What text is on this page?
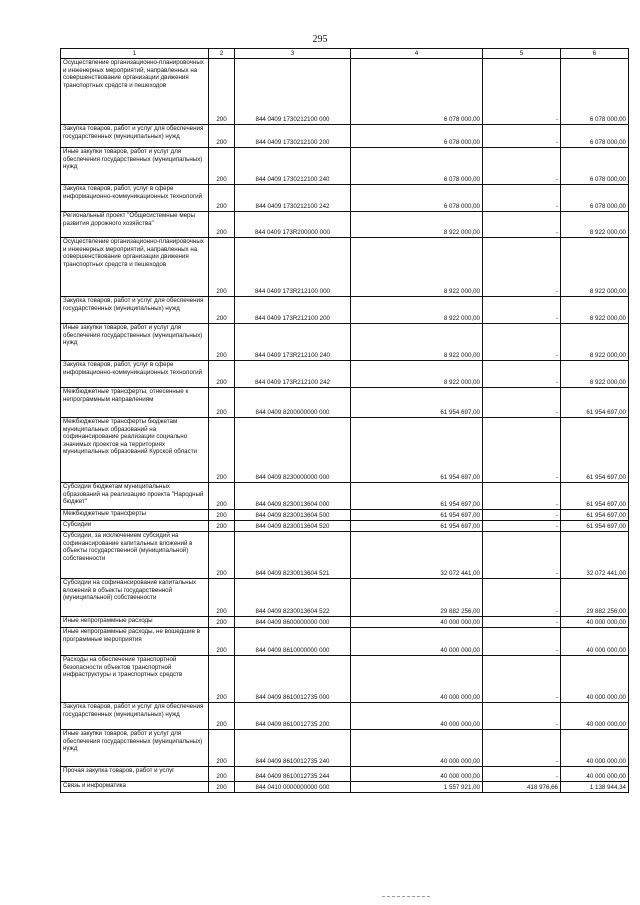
295
1	2	3	4	5	6
Осуществление организационно-планировочных и инженерных мероприятий, направленных на совершенствование организации движения транспортных средств и пешеходов	200	844 0409 1730212100 000	6 078 000,00	-	6 078 000,00
Закупка товаров, работ и услуг для обеспечения государственных (муниципальных) нужд	200	844 0409 1730212100 200	6 078 000,00	-	6 078 000,00
Иные закупки товаров, работ и услуг для обеспечения государственных (муниципальных) нужд	200	844 0409 1730212100 240	6 078 000,00	-	6 078 000,00
Закупка товаров, работ, услуг в сфере информационно-коммуникационных технологий	200	844 0409 1730212100 242	6 078 000,00	-	6 078 000,00
Региональный проект "Общесистемные меры развития дорожного хозяйства"	200	844 0409 173R200000 000	8 922 000,00	-	8 922 000,00
Осуществление организационно-планировочных и инженерных мероприятий, направленных на совершенствование организации движения транспортных средств и пешеходов	200	844 0409 173R212100 000	8 922 000,00	-	8 922 000,00
Закупка товаров, работ и услуг для обеспечения государственных (муниципальных) нужд	200	844 0409 173R212100 200	8 922 000,00	-	8 922 000,00
Иные закупки товаров, работ и услуг для обеспечения государственных (муниципальных) нужд	200	844 0409 173R212100 240	8 922 000,00	-	8 922 000,00
Закупка товаров, работ, услуг в сфере информационно-коммуникационных технологий	200	844 0409 173R212100 242	8 922 000,00	-	8 922 000,00
Межбюджетные трансферты, отнесенные к непрограммным направлениям	200	844 0409 8200000000 000	61 954 697,00	-	61 954 697,00
Межбюджетные трансферты бюджетам муниципальных образований на софинансирование реализации социально значимых проектов на территориях муниципальных образований Курской области	200	844 0409 8230000000 000	61 954 697,00	-	61 954 697,00
Субсидии бюджетам муниципальных образований на реализацию проекта "Народный бюджет"	200	844 0409 8230013604 000	61 954 697,00	-	61 954 697,00
Межбюджетные трансферты	200	844 0409 8230013604 500	61 954 697,00	-	61 954 697,00
Субсидии	200	844 0409 8230013604 520	61 954 697,00	-	61 954 697,00
Субсидии, за исключением субсидий на софинансирование капитальных вложений в объекты государственной (муниципальной) собственности	200	844 0409 8230013604 521	32 072 441,00	-	32 072 441,00
Субсидии на софинансирование капитальных вложений в объекты государственной (муниципальной) собственности	200	844 0409 8230013604 522	29 882 256,00	-	29 882 256,00
Иные непрограммные расходы	200	844 0409 8600000000 000	40 000 000,00	-	40 000 000,00
Иные непрограммные расходы, не вошедшие в программные мероприятия	200	844 0409 8610000000 000	40 000 000,00	-	40 000 000,00
Расходы на обеспечение транспортной безопасности объектов транспортной инфраструктуры и транспортных средств	200	844 0409 8610012735 000	40 000 000,00	-	40 000 000,00
Закупка товаров, работ и услуг для обеспечения государственных (муниципальных) нужд	200	844 0409 8610012735 200	40 000 000,00	-	40 000 000,00
Иные закупки товаров, работ и услуг для обеспечения государственных (муниципальных) нужд	200	844 0409 8610012735 240	40 000 000,00	-	40 000 000,00
Прочая закупка товаров, работ и услуг	200	844 0409 8610012735 244	40 000 000,00	-	40 000 000,00
Связь и информатика	200	844 0410 0000000000 000	1 557 921,00	418 976,66	1 138 944,34
